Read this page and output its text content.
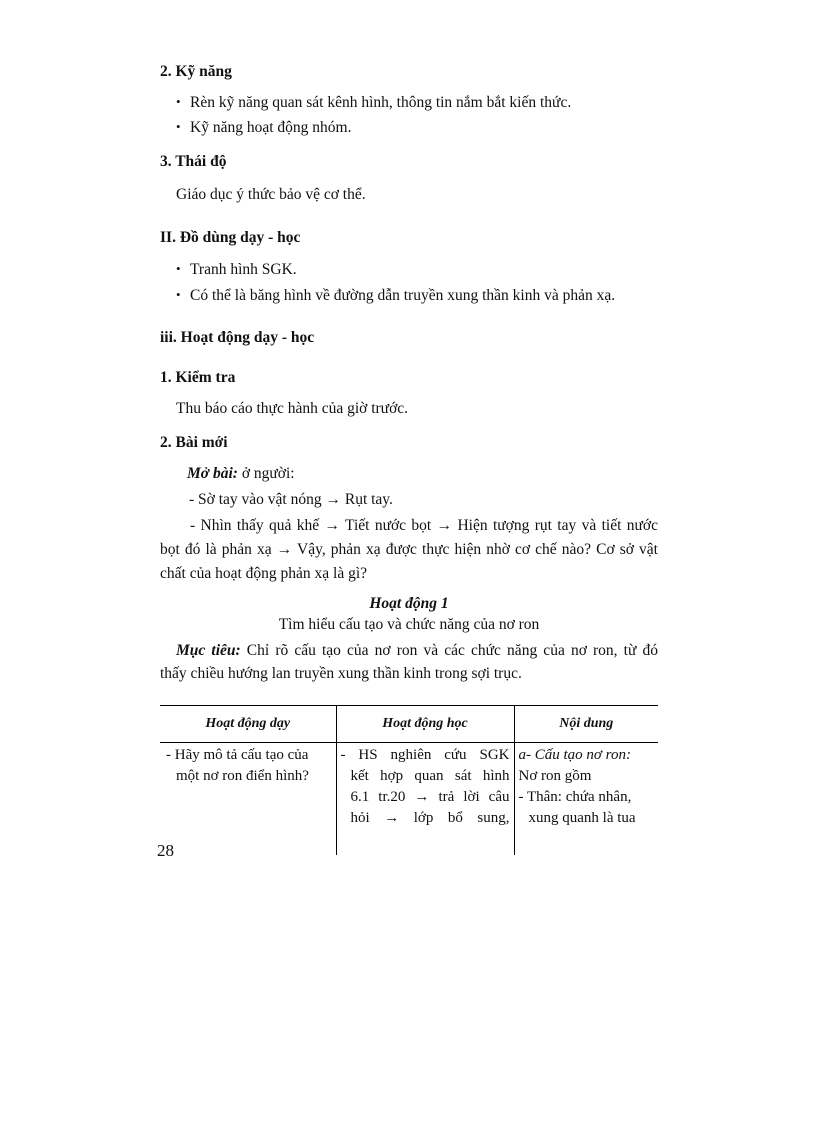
2. Kỹ năng
• Rèn kỹ năng quan sát kênh hình, thông tin nắm bắt kiến thức.
• Kỹ năng hoạt động nhóm.
3. Thái độ
Giáo dục ý thức bảo vệ cơ thể.
II. Đồ dùng dạy - học
• Tranh hình SGK.
• Có thể là băng hình về đường dẫn truyền xung thần kinh và phản xạ.
iii. Hoạt động dạy - học
1. Kiểm tra
Thu báo cáo thực hành của giờ trước.
2. Bài mới
Mở bài: ở người:
- Sờ tay vào vật nóng → Rụt tay.
- Nhìn thấy quả khế → Tiết nước bọt → Hiện tượng rụt tay và tiết nước
bọt đó là phản xạ → Vậy, phản xạ được thực hiện nhờ cơ chế nào? Cơ sở vật
chất của hoạt động phản xạ là gì?
Hoạt động 1
Tìm hiểu cấu tạo và chức năng của nơ ron
Mục tiêu: Chỉ rõ cấu tạo của nơ ron và các chức năng của nơ ron, từ đó
thấy chiều hướng lan truyền xung thần kinh trong sợi trục.
Hoạt động dạy	Hoạt động học	Nội dung

- Hãy mô tả cấu tạo của
một nơ ron điển hình?	- HS nghiên cứu SGK
kết hợp quan sát hình
6.1 tr.20 → trả lời câu
hỏi → lớp bổ sung,	a- Cấu tạo nơ ron:
Nơ ron gồm
- Thân: chứa nhân,
xung quanh là tua
28
